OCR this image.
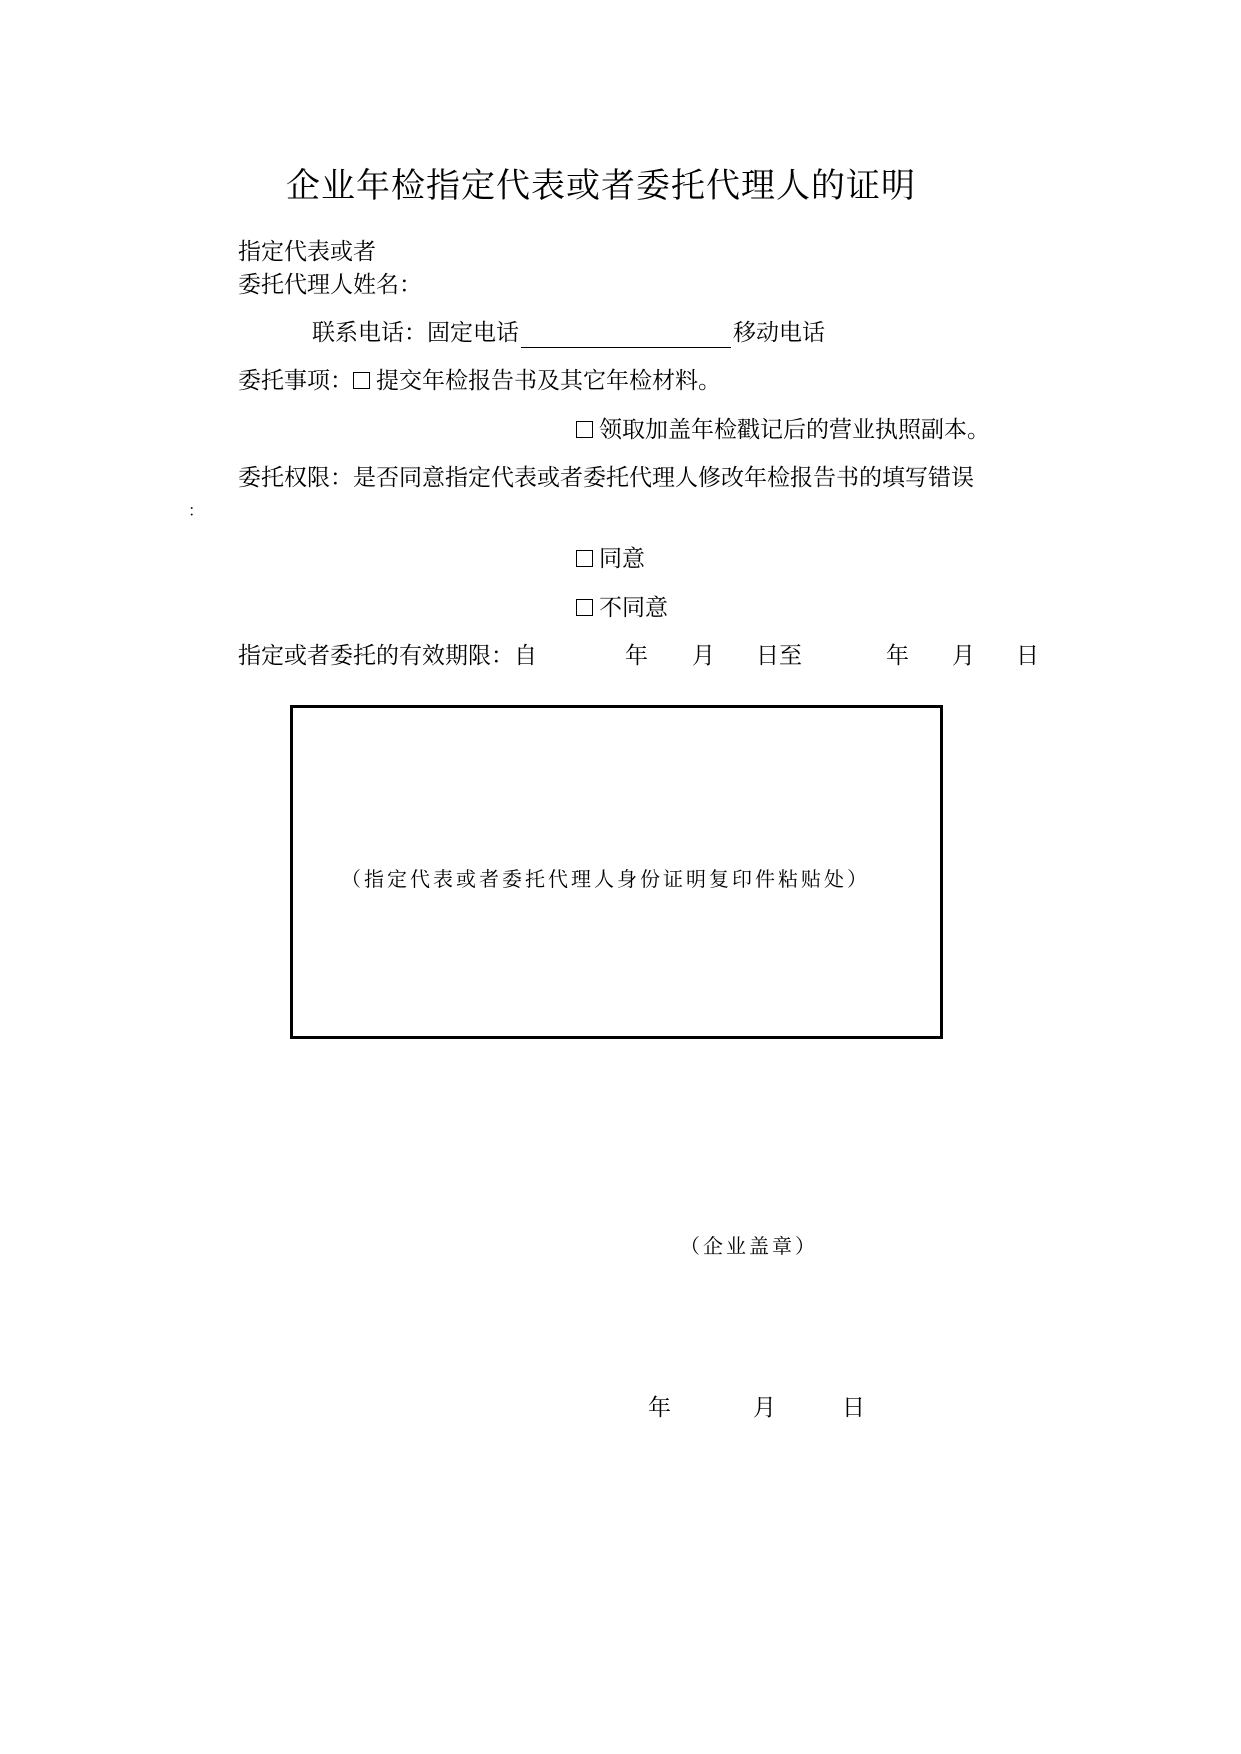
企业年检指定代表或者委托代理人的证明
指定代表或者
委托代理人姓名：
联系电话：固定电话	移动电话
委托事项： 提交年检报告书及其它年检材料。
领取加盖年检戳记后的营业执照副本。
委托权限：是否同意指定代表或者委托代理人修改年检报告书的填写错误
：
同意
不同意
指定或者委托的有效期限：自	年 月 日至	年 月 日
（指定代表或者委托代理人身份证明复印件粘贴处）
（企业盖章）
年	月	日
